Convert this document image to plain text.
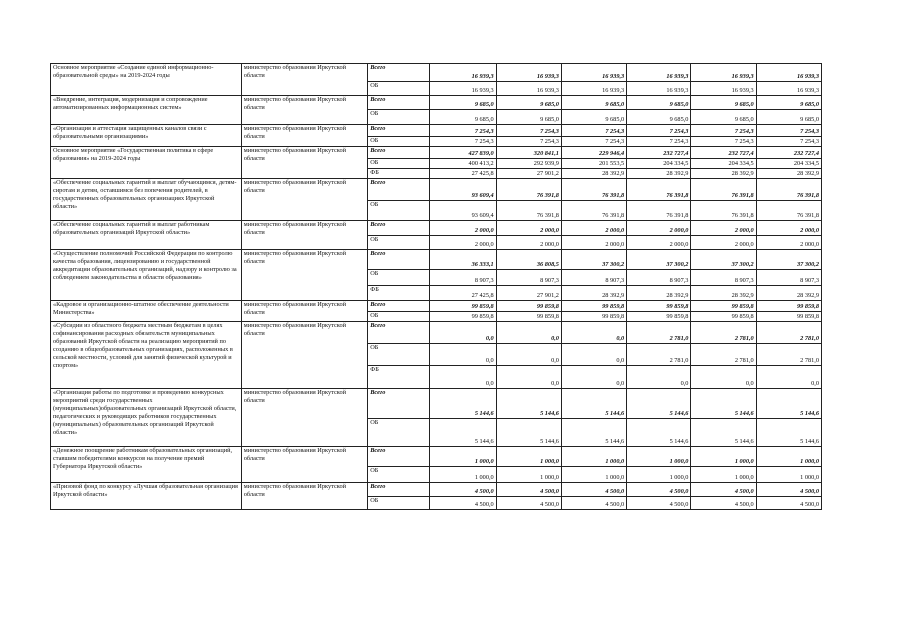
Основное мероприятие «Создание единой информационно-образовательной среды» на 2019-2024 годы	министерство образования Иркутской области	Всего	16 939,3	16 939,3	16 939,3	16 939,3	16 939,3	16 939,3
		ОБ	16 939,3	16 939,3	16 939,3	16 939,3	16 939,3	16 939,3
«Внедрение, интеграция, модернизация и сопровождение автоматизированных информационных систем»	министерство образования Иркутской области	Всего	9 685,0	9 685,0	9 685,0	9 685,0	9 685,0	9 685,0
		ОБ	9 685,0	9 685,0	9 685,0	9 685,0	9 685,0	9 685,0
«Организация и аттестация защищенных каналов связи с образовательными организациями»	министерство образования Иркутской области	Всего	7 254,3	7 254,3	7 254,3	7 254,3	7 254,3	7 254,3
		ОБ	7 254,3	7 254,3	7 254,3	7 254,3	7 254,3	7 254,3
Основное мероприятие «Государственная политика в сфере образования» на 2019-2024 годы	министерство образования Иркутской области	Всего	427 839,0	320 841,1	229 946,4	232 727,4	232 727,4	232 727,4
		ОБ	400 413,2	292 939,9	201 553,5	204 334,5	204 334,5	204 334,5
		ФБ	27 425,8	27 901,2	28 392,9	28 392,9	28 392,9	28 392,9
«Обеспечение социальных гарантий и выплат обучающимся, детям-сиротам и детям, оставшимся без попечения родителей, в государственных образовательных организациях Иркутской области»	министерство образования Иркутской области	Всего	93 609,4	76 391,8	76 391,8	76 391,8	76 391,8	76 391,8
		ОБ	93 609,4	76 391,8	76 391,8	76 391,8	76 391,8	76 391,8
«Обеспечение социальных гарантий и выплат работникам образовательных организаций Иркутской области»	министерство образования Иркутской области	Всего	2 000,0	2 000,0	2 000,0	2 000,0	2 000,0	2 000,0
		ОБ	2 000,0	2 000,0	2 000,0	2 000,0	2 000,0	2 000,0
«Осуществление полномочий Российской Федерации по контролю качества образования, лицензированию и государственной аккредитации образовательных организаций, надзору и контролю за соблюдением законодательства в области образования»	министерство образования Иркутской области	Всего	36 333,1	36 808,5	37 300,2	37 300,2	37 300,2	37 300,2
		ОБ	8 907,3	8 907,3	8 907,3	8 907,3	8 907,3	8 907,3
		ФБ	27 425,8	27 901,2	28 392,9	28 392,9	28 392,9	28 392,9
«Кадровое и организационно-штатное обеспечение деятельности Министерства»	министерство образования Иркутской области	Всего	99 859,8	99 859,8	99 859,8	99 859,8	99 859,8	99 859,8
		ОБ	99 859,8	99 859,8	99 859,8	99 859,8	99 859,8	99 859,8
«Субсидии из областного бюджета местным бюджетам в целях софинансирования расходных обязательств муниципальных образований Иркутской области на реализацию мероприятий по созданию в общеобразовательных организациях, расположенных в сельской местности, условий для занятий физической культурой и спортом»	министерство образования Иркутской области	Всего	0,0	0,0	0,0	2 781,0	2 781,0	2 781,0
		ОБ	0,0	0,0	0,0	2 781,0	2 781,0	2 781,0
		ФБ	0,0	0,0	0,0	0,0	0,0	0,0
«Организация работы по подготовке и проведению конкурсных мероприятий среди государственных (муниципальных)образовательных организаций Иркутской области, педагогических и руководящих работников государственных (муниципальных) образовательных организаций Иркутской области»	министерство образования Иркутской области	Всего	5 144,6	5 144,6	5 144,6	5 144,6	5 144,6	5 144,6
		ОБ	5 144,6	5 144,6	5 144,6	5 144,6	5 144,6	5 144,6
«Денежное поощрение работникам образовательных организаций, ставшим победителями конкурсов на получение премий Губернатора Иркутской области»	министерство образования Иркутской области	Всего	1 000,0	1 000,0	1 000,0	1 000,0	1 000,0	1 000,0
		ОБ	1 000,0	1 000,0	1 000,0	1 000,0	1 000,0	1 000,0
«Призовой фонд по конкурсу «Лучшая образовательная организация Иркутской области»	министерство образования Иркутской области	Всего	4 500,0	4 500,0	4 500,0	4 500,0	4 500,0	4 500,0
		ОБ	4 500,0	4 500,0	4 500,0	4 500,0	4 500,0	4 500,0
